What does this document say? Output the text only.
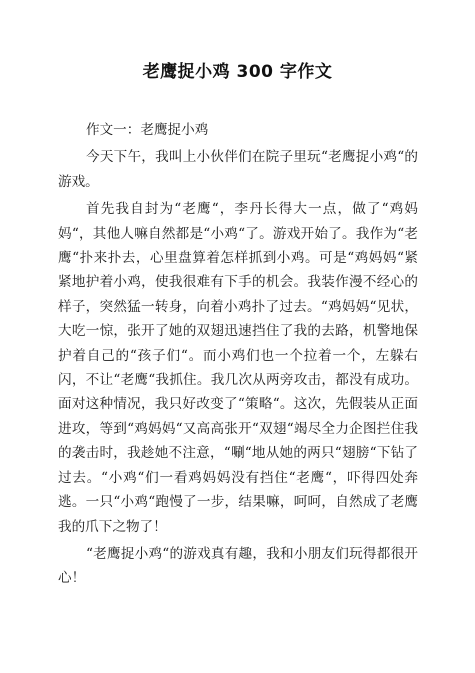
老鹰捉小鸡 300 字作文

作文一：老鹰捉小鸡

今天下午，我叫上小伙伴们在院子里玩“老鹰捉小鸡“的游戏。

首先我自封为“老鹰“，李丹长得大一点，做了“鸡妈妈“，其他人嘛自然都是“小鸡“了。游戏开始了。我作为“老鹰“扑来扑去，心里盘算着怎样抓到小鸡。可是“鸡妈妈“紧紧地护着小鸡，使我很难有下手的机会。我装作漫不经心的样子，突然猛一转身，向着小鸡扑了过去。“鸡妈妈“见状，大吃一惊，张开了她的双翅迅速挡住了我的去路，机警地保护着自己的“孩子们“。而小鸡们也一个拉着一个，左躲右闪，不让“老鹰“我抓住。我几次从两旁攻击，都没有成功。面对这种情况，我只好改变了“策略“。这次，先假装从正面进攻，等到“鸡妈妈“又高高张开“双翅“竭尽全力企图拦住我的袭击时，我趁她不注意，“唰“地从她的两只“翅膀“下钻了过去。“小鸡“们一看鸡妈妈没有挡住“老鹰“，吓得四处奔逃。一只“小鸡“跑慢了一步，结果嘛，呵呵，自然成了老鹰我的爪下之物了！

“老鹰捉小鸡“的游戏真有趣，我和小朋友们玩得都很开心！
